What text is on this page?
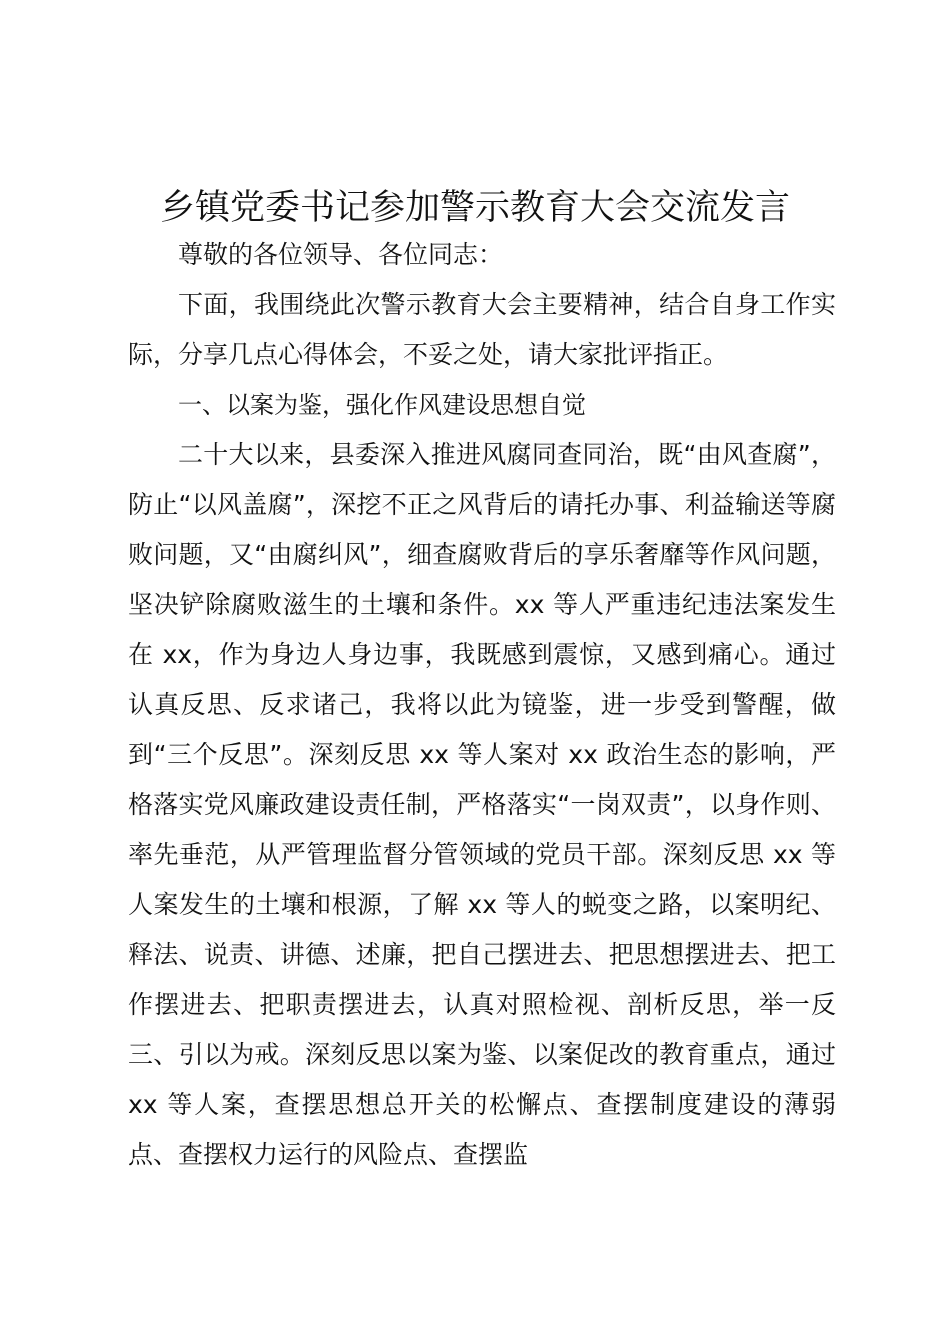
乡镇党委书记参加警示教育大会交流发言

尊敬的各位领导、各位同志：

下面，我围绕此次警示教育大会主要精神，结合自身工作实际，分享几点心得体会，不妥之处，请大家批评指正。

一、以案为鉴，强化作风建设思想自觉

二十大以来，县委深入推进风腐同查同治，既“由风查腐”，防止“以风盖腐”，深挖不正之风背后的请托办事、利益输送等腐败问题，又“由腐纠风”，细查腐败背后的享乐奢靡等作风问题，坚决铲除腐败滋生的土壤和条件。xx 等人严重违纪违法案发生在 xx，作为身边人身边事，我既感到震惊，又感到痛心。通过认真反思、反求诸己，我将以此为镜鉴，进一步受到警醒，做到“三个反思”。深刻反思 xx 等人案对 xx 政治生态的影响，严格落实党风廉政建设责任制，严格落实“一岗双责”，以身作则、率先垂范，从严管理监督分管领域的党员干部。深刻反思 xx 等人案发生的土壤和根源，了解 xx 等人的蜕变之路，以案明纪、释法、说责、讲德、述廉，把自己摆进去、把思想摆进去、把工作摆进去、把职责摆进去，认真对照检视、剖析反思，举一反三、引以为戒。深刻反思以案为鉴、以案促改的教育重点，通过 xx 等人案，查摆思想总开关的松懈点、查摆制度建设的薄弱点、查摆权力运行的风险点、查摆监
